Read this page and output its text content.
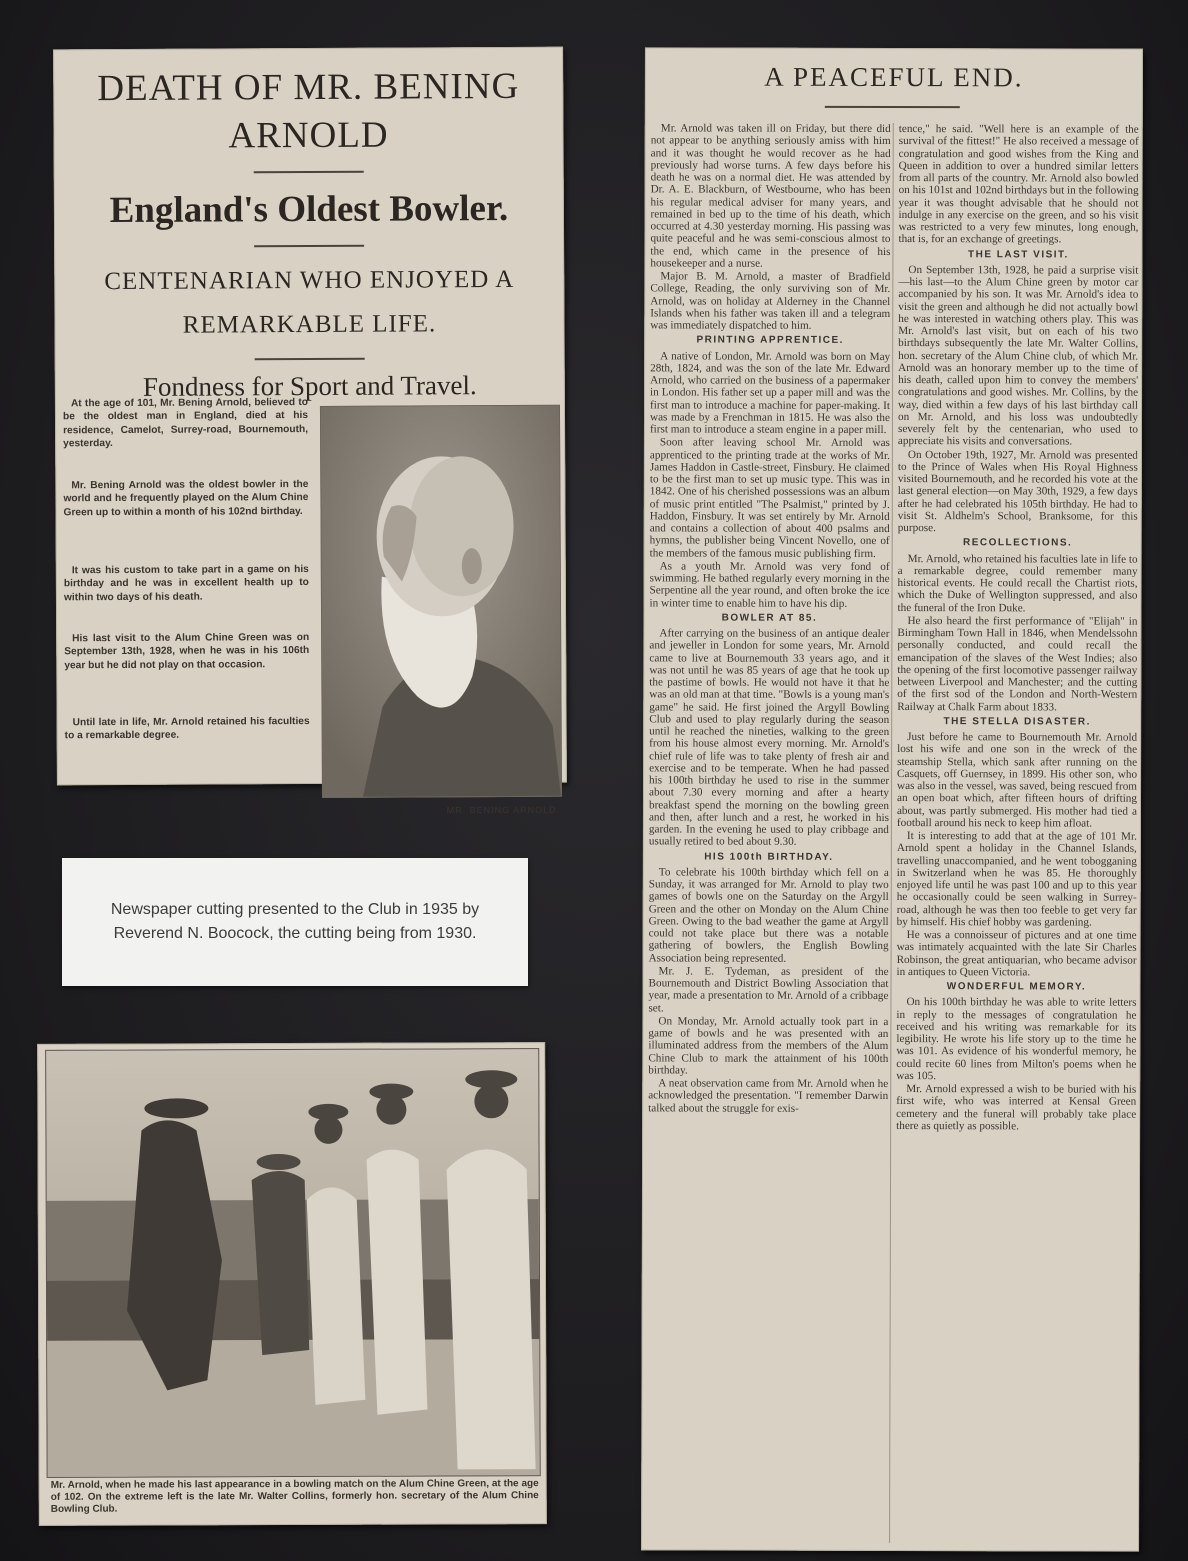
DEATH OF MR. BENING
ARNOLD
England's Oldest Bowler.
CENTENARIAN WHO ENJOYED A
REMARKABLE LIFE.
Fondness for Sport and Travel.

At the age of 101, Mr. Bening Arnold, believed to be the oldest man in England, died at his residence, Camelot, Surrey-road, Bournemouth, yesterday.

Mr. Bening Arnold was the oldest bowler in the world and he frequently played on the Alum Chine Green up to within a month of his 102nd birthday.

It was his custom to take part in a game on his birthday and he was in excellent health up to within two days of his death.

His last visit to the Alum Chine Green was on September 13th, 1928, when he was in his 106th year but he did not play on that occasion.

Until late in life, Mr. Arnold retained his faculties to a remarkable degree.

MR. BENING ARNOLD.
Newspaper cutting presented to the Club in 1935 by
Reverend N. Boocock, the cutting being from 1930.

Mr. Arnold, when he made his last appearance in a bowling match on the Alum Chine Green, at the age of 102. On the extreme left is the late Mr. Walter Collins, formerly hon. secretary of the Alum Chine Bowling Club.

A PEACEFUL END.

Mr. Arnold was taken ill on Friday, but there did not appear to be anything seriously amiss with him and it was thought he would recover as he had previously had worse turns. A few days before his death he was on a normal diet. He was attended by Dr. A. E. Blackburn, of Westbourne, who has been his regular medical adviser for many years, and remained in bed up to the time of his death, which occurred at 4.30 yesterday morning. His passing was quite peaceful and he was semi-conscious almost to the end, which came in the presence of his housekeeper and a nurse.

Major B. M. Arnold, a master of Bradfield College, Reading, the only surviving son of Mr. Arnold, was on holiday at Alderney in the Channel Islands when his father was taken ill and a telegram was immediately dispatched to him.

PRINTING APPRENTICE.

A native of London, Mr. Arnold was born on May 28th, 1824, and was the son of the late Mr. Edward Arnold, who carried on the business of a papermaker in London. His father set up a paper mill and was the first man to introduce a machine for paper-making. It was made by a Frenchman in 1815. He was also the first man to introduce a steam engine in a paper mill.

Soon after leaving school Mr. Arnold was apprenticed to the printing trade at the works of Mr. James Haddon in Castle-street, Finsbury. He claimed to be the first man to set up music type. This was in 1842. One of his cherished possessions was an album of music print entitled "The Psalmist," printed by J. Haddon, Finsbury. It was set entirely by Mr. Arnold and contains a collection of about 400 psalms and hymns, the publisher being Vincent Novello, one of the members of the famous music publishing firm.

As a youth Mr. Arnold was very fond of swimming. He bathed regularly every morning in the Serpentine all the year round, and often broke the ice in winter time to enable him to have his dip.

BOWLER AT 85.

After carrying on the business of an antique dealer and jeweller in London for some years, Mr. Arnold came to live at Bournemouth 33 years ago, and it was not until he was 85 years of age that he took up the pastime of bowls. He would not have it that he was an old man at that time. "Bowls is a young man's game" he said. He first joined the Argyll Bowling Club and used to play regularly during the season until he reached the nineties, walking to the green from his house almost every morning. Mr. Arnold's chief rule of life was to take plenty of fresh air and exercise and to be temperate. When he had passed his 100th birthday he used to rise in the summer about 7.30 every morning and after a hearty breakfast spend the morning on the bowling green and then, after lunch and a rest, he worked in his garden. In the evening he used to play cribbage and usually retired to bed about 9.30.

HIS 100th BIRTHDAY.

To celebrate his 100th birthday which fell on a Sunday, it was arranged for Mr. Arnold to play two games of bowls one on the Saturday on the Argyll Green and the other on Monday on the Alum Chine Green. Owing to the bad weather the game at Argyll could not take place but there was a notable gathering of bowlers, the English Bowling Association being represented.

Mr. J. E. Tydeman, as president of the Bournemouth and District Bowling Association that year, made a presentation to Mr. Arnold of a cribbage set.

On Monday, Mr. Arnold actually took part in a game of bowls and he was presented with an illuminated address from the members of the Alum Chine Club to mark the attainment of his 100th birthday.

A neat observation came from Mr. Arnold when he acknowledged the presentation. "I remember Darwin talked about the struggle for exis-

tence," he said. "Well here is an example of the survival of the fittest!" He also received a message of congratulation and good wishes from the King and Queen in addition to over a hundred similar letters from all parts of the country. Mr. Arnold also bowled on his 101st and 102nd birthdays but in the following year it was thought advisable that he should not indulge in any exercise on the green, and so his visit was restricted to a very few minutes, long enough, that is, for an exchange of greetings.

THE LAST VISIT.

On September 13th, 1928, he paid a surprise visit—his last—to the Alum Chine green by motor car accompanied by his son. It was Mr. Arnold's idea to visit the green and although he did not actually bowl he was interested in watching others play. This was Mr. Arnold's last visit, but on each of his two birthdays subsequently the late Mr. Walter Collins, hon. secretary of the Alum Chine club, of which Mr. Arnold was an honorary member up to the time of his death, called upon him to convey the members' congratulations and good wishes. Mr. Collins, by the way, died within a few days of his last birthday call on Mr. Arnold, and his loss was undoubtedly severely felt by the centenarian, who used to appreciate his visits and conversations.

On October 19th, 1927, Mr. Arnold was presented to the Prince of Wales when His Royal Highness visited Bournemouth, and he recorded his vote at the last general election—on May 30th, 1929, a few days after he had celebrated his 105th birthday. He had to visit St. Aldhelm's School, Branksome, for this purpose.

RECOLLECTIONS.

Mr. Arnold, who retained his faculties late in life to a remarkable degree, could remember many historical events. He could recall the Chartist riots, which the Duke of Wellington suppressed, and also the funeral of the Iron Duke.

He also heard the first performance of "Elijah" in Birmingham Town Hall in 1846, when Mendelssohn personally conducted, and could recall the emancipation of the slaves of the West Indies; also the opening of the first locomotive passenger railway between Liverpool and Manchester; and the cutting of the first sod of the London and North-Western Railway at Chalk Farm about 1833.

THE STELLA DISASTER.

Just before he came to Bournemouth Mr. Arnold lost his wife and one son in the wreck of the steamship Stella, which sank after running on the Casquets, off Guernsey, in 1899. His other son, who was also in the vessel, was saved, being rescued from an open boat which, after fifteen hours of drifting about, was partly submerged. His mother had tied a football around his neck to keep him afloat.

It is interesting to add that at the age of 101 Mr. Arnold spent a holiday in the Channel Islands, travelling unaccompanied, and he went tobogganing in Switzerland when he was 85. He thoroughly enjoyed life until he was past 100 and up to this year he occasionally could be seen walking in Surrey-road, although he was then too feeble to get very far by himself. His chief hobby was gardening.

He was a connoisseur of pictures and at one time was intimately acquainted with the late Sir Charles Robinson, the great antiquarian, who became advisor in antiques to Queen Victoria.

WONDERFUL MEMORY.

On his 100th birthday he was able to write letters in reply to the messages of congratulation he received and his writing was remarkable for its legibility. He wrote his life story up to the time he was 101. As evidence of his wonderful memory, he could recite 60 lines from Milton's poems when he was 105.

Mr. Arnold expressed a wish to be buried with his first wife, who was interred at Kensal Green cemetery and the funeral will probably take place there as quietly as possible.
